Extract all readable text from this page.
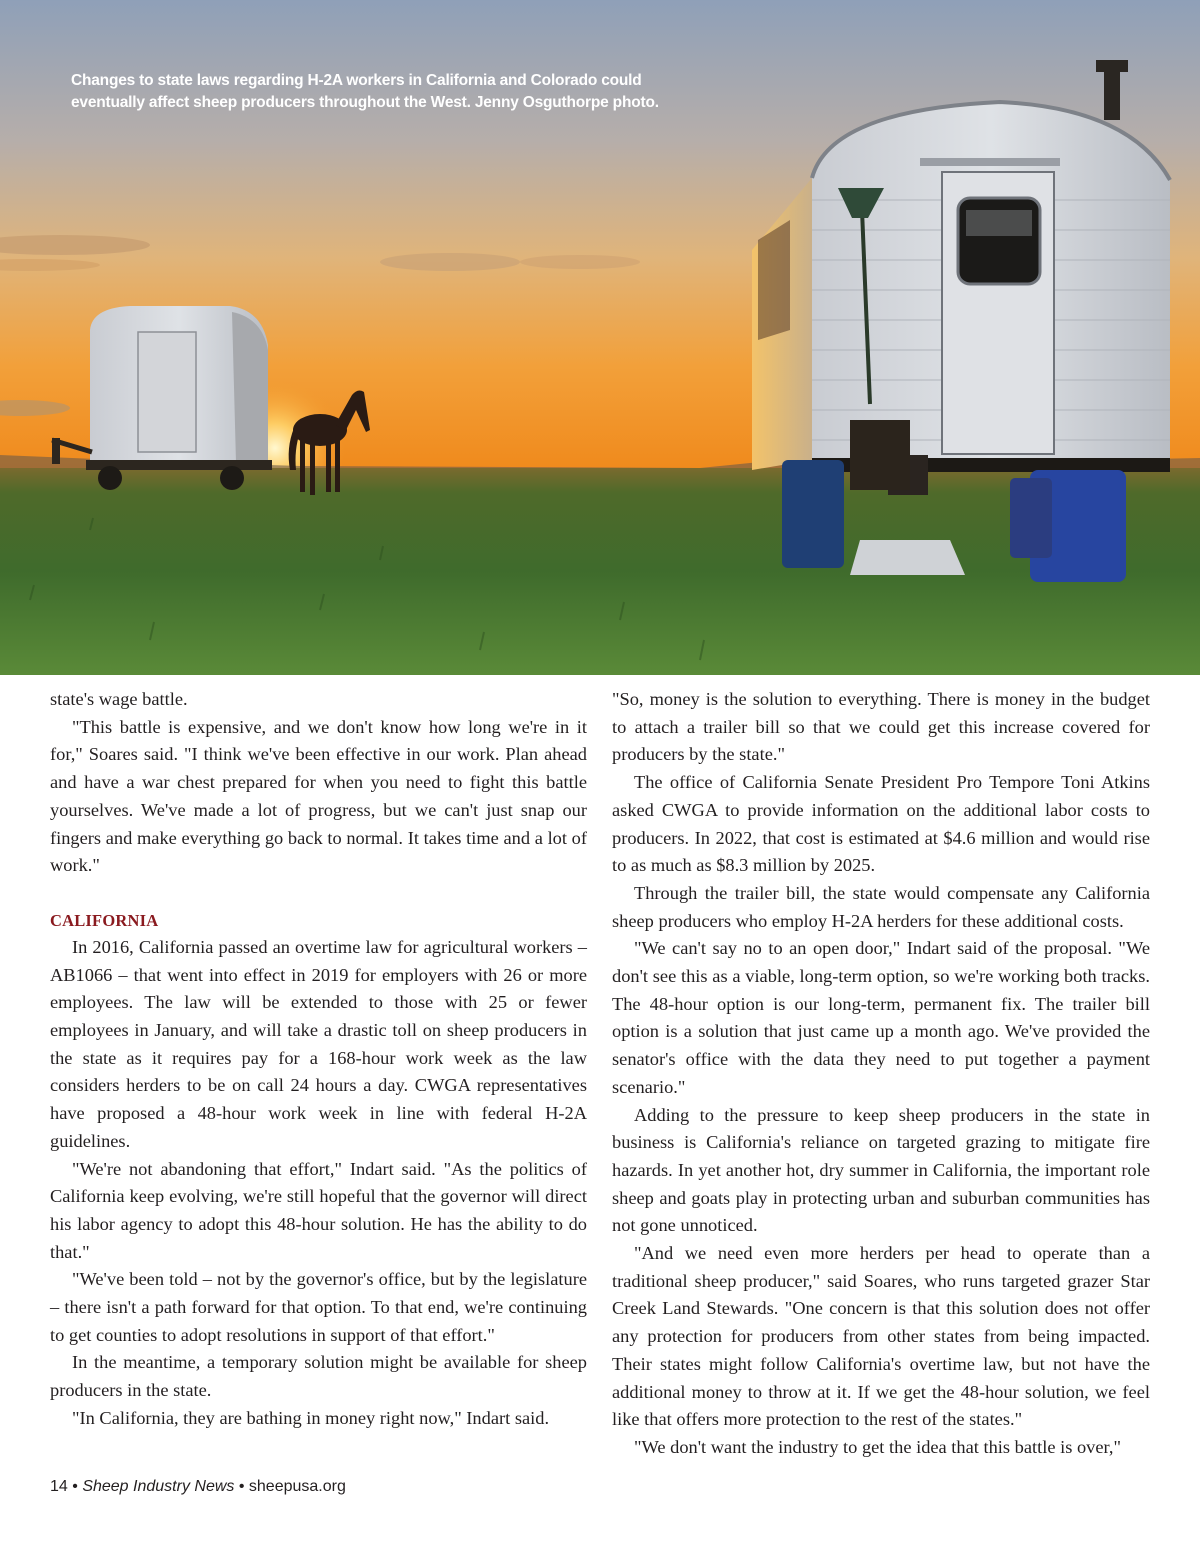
Changes to state laws regarding H-2A workers in California and Colorado could eventually affect sheep producers throughout the West. Jenny Osguthorpe photo.

state's wage battle.

"This battle is expensive, and we don't know how long we're in it for," Soares said. "I think we've been effective in our work. Plan ahead and have a war chest prepared for when you need to fight this battle yourselves. We've made a lot of progress, but we can't just snap our fingers and make everything go back to normal. It takes time and a lot of work."

CALIFORNIA

In 2016, California passed an overtime law for agricultural workers – AB1066 – that went into effect in 2019 for employers with 26 or more employees. The law will be extended to those with 25 or fewer employees in January, and will take a drastic toll on sheep producers in the state as it requires pay for a 168-hour work week as the law considers herders to be on call 24 hours a day. CWGA representatives have proposed a 48-hour work week in line with federal H-2A guidelines.

"We're not abandoning that effort," Indart said. "As the politics of California keep evolving, we're still hopeful that the governor will direct his labor agency to adopt this 48-hour solution. He has the ability to do that."

"We've been told – not by the governor's office, but by the legislature – there isn't a path forward for that option. To that end, we're continuing to get counties to adopt resolutions in support of that effort."

In the meantime, a temporary solution might be available for sheep producers in the state.

"In California, they are bathing in money right now," Indart said.

"So, money is the solution to everything. There is money in the budget to attach a trailer bill so that we could get this increase covered for producers by the state."

The office of California Senate President Pro Tempore Toni Atkins asked CWGA to provide information on the additional labor costs to producers. In 2022, that cost is estimated at $4.6 million and would rise to as much as $8.3 million by 2025.

Through the trailer bill, the state would compensate any California sheep producers who employ H-2A herders for these additional costs.

"We can't say no to an open door," Indart said of the proposal. "We don't see this as a viable, long-term option, so we're working both tracks. The 48-hour option is our long-term, permanent fix. The trailer bill option is a solution that just came up a month ago. We've provided the senator's office with the data they need to put together a payment scenario."

Adding to the pressure to keep sheep producers in the state in business is California's reliance on targeted grazing to mitigate fire hazards. In yet another hot, dry summer in California, the important role sheep and goats play in protecting urban and suburban communities has not gone unnoticed.

"And we need even more herders per head to operate than a traditional sheep producer," said Soares, who runs targeted grazer Star Creek Land Stewards. "One concern is that this solution does not offer any protection for producers from other states from being impacted. Their states might follow California's overtime law, but not have the additional money to throw at it. If we get the 48-hour solution, we feel like that offers more protection to the rest of the states."

"We don't want the industry to get the idea that this battle is over,"

14 • Sheep Industry News • sheepusa.org
